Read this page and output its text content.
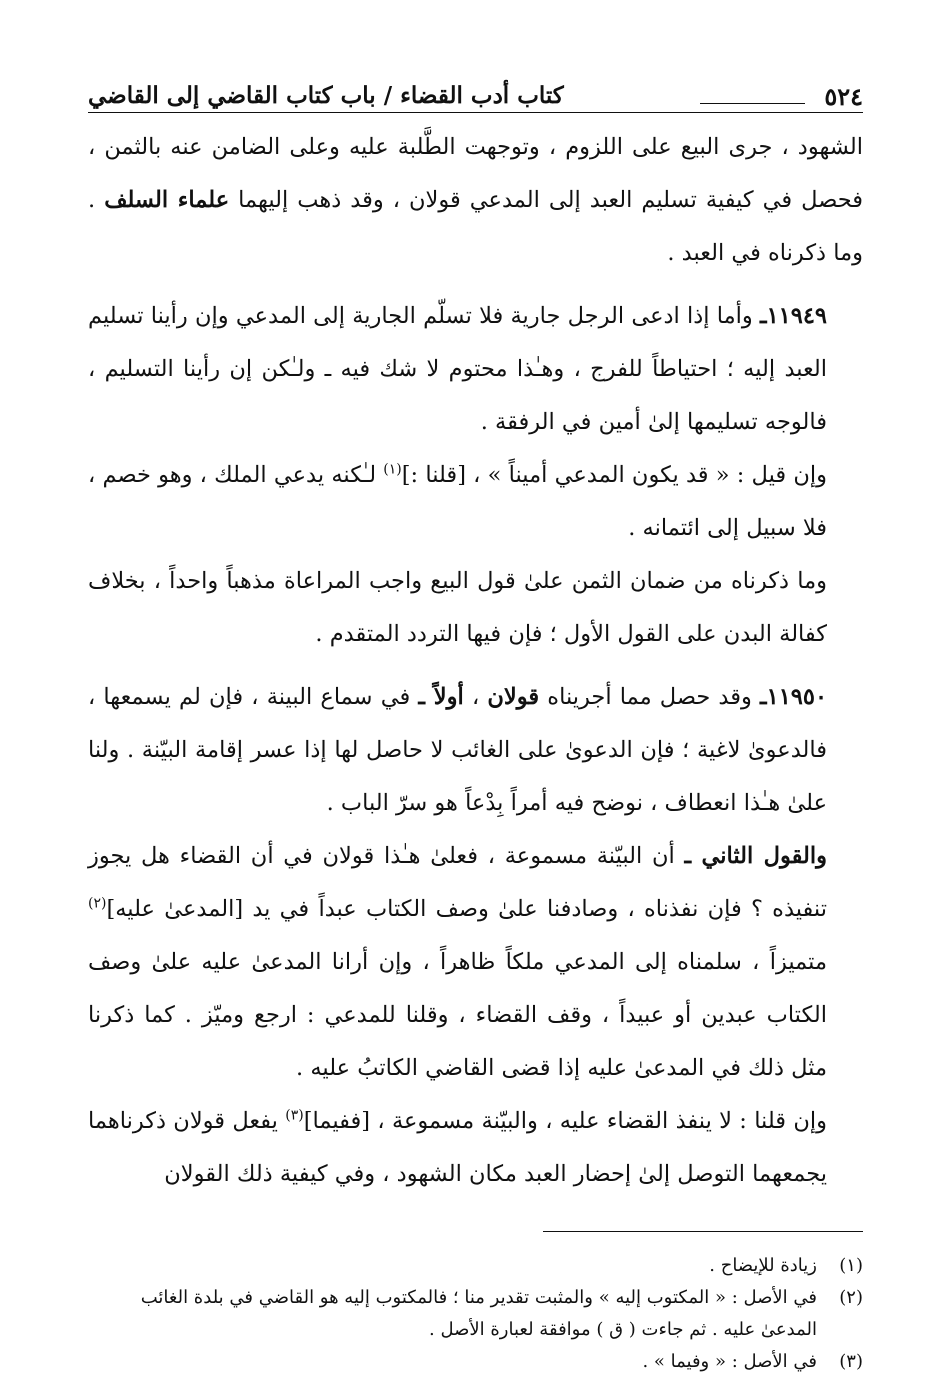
٥٢٤
كتاب أدب القضاء / باب كتاب القاضي إلى القاضي

الشهود ، جرى البيع على اللزوم ، وتوجهت الطَّلبة عليه وعلى الضامن عنه بالثمن ، فحصل في كيفية تسليم العبد إلى المدعي قولان ، وقد ذهب إليهما علماء السلف . وما ذكرناه في العبد .

١١٩٤٩ـ وأما إذا ادعى الرجل جارية فلا تسلّم الجارية إلى المدعي وإن رأينا تسليم العبد إليه ؛ احتياطاً للفرج ، وهـٰذا محتوم لا شك فيه ـ ولـٰكن إن رأينا التسليم ، فالوجه تسليمها إلىٰ أمين في الرفقة .

وإن قيل : « قد يكون المدعي أميناً » ، [قلنا :]$^{(١)}$ لـٰكنه يدعي الملك ، وهو خصم ، فلا سبيل إلى ائتمانه .

وما ذكرناه من ضمان الثمن علىٰ قول البيع واجب المراعاة مذهباً واحداً ، بخلاف كفالة البدن على القول الأول ؛ فإن فيها التردد المتقدم .

١١٩٥٠ـ وقد حصل مما أجريناه قولان ، أولاً ـ في سماع البينة ، فإن لم يسمعها ، فالدعوىٰ لاغية ؛ فإن الدعوىٰ على الغائب لا حاصل لها إذا عسر إقامة البيّنة . ولنا علىٰ هـٰذا انعطاف ، نوضح فيه أمراً بِدْعاً هو سرّ الباب .

والقول الثاني ـ أن البيّنة مسموعة ، فعلىٰ هـٰذا قولان في أن القضاء هل يجوز تنفيذه ؟ فإن نفذناه ، وصادفنا علىٰ وصف الكتاب عبداً في يد [المدعىٰ عليه]$^{(٢)}$ متميزاً ، سلمناه إلى المدعي ملكاً ظاهراً ، وإن أرانا المدعىٰ عليه علىٰ وصف الكتاب عبدين أو عبيداً ، وقف القضاء ، وقلنا للمدعي : ارجع وميّز . كما ذكرنا مثل ذلك في المدعىٰ عليه إذا قضى القاضي الكاتبُ عليه .

وإن قلنا : لا ينفذ القضاء عليه ، والبيّنة مسموعة ، [ففيما]$^{(٣)}$ يفعل قولان ذكرناهما يجمعهما التوصل إلىٰ إحضار العبد مكان الشهود ، وفي كيفية ذلك القولان

(١)
زيادة للإيضاح .
(٢)
في الأصل : « المكتوب إليه » والمثبت تقدير منا ؛ فالمكتوب إليه هو القاضي في بلدة الغائب المدعىٰ عليه . ثم جاءت ( ق ) موافقة لعبارة الأصل .
(٣)
في الأصل : « وفيما » .
